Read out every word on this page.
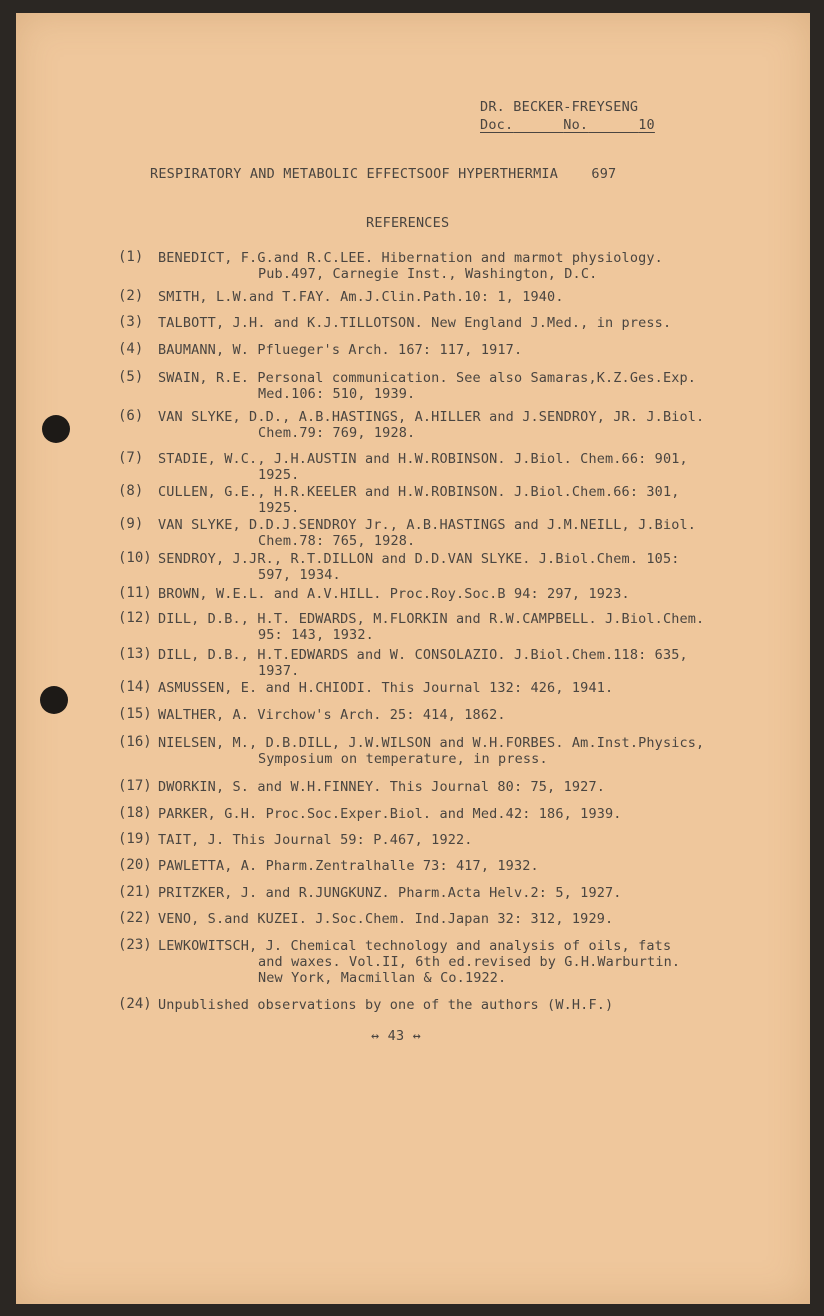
DR. BECKER-FREYSENG
Doc.	No.	10
RESPIRATORY AND METABOLIC EFFECTSOOF HYPERTHERMIA 697
REFERENCES
(1) BENEDICT, F.G.and R.C.LEE. Hibernation and marmot physiology.
Pub.497, Carnegie Inst., Washington, D.C.
(2) SMITH, L.W.and T.FAY. Am.J.Clin.Path.10: 1, 1940.
(3) TALBOTT, J.H. and K.J.TILLOTSON. New England J.Med., in press.
(4) BAUMANN, W. Pflueger's Arch. 167: 117, 1917.
(5) SWAIN, R.E. Personal communication. See also Samaras,K.Z.Ges.Exp.
Med.106: 510, 1939.
(6) VAN SLYKE, D.D., A.B.HASTINGS, A.HILLER and J.SENDROY, JR. J.Biol.
Chem.79: 769, 1928.
(7) STADIE, W.C., J.H.AUSTIN and H.W.ROBINSON. J.Biol. Chem.66: 901,
1925.
(8) CULLEN, G.E., H.R.KEELER and H.W.ROBINSON. J.Biol.Chem.66: 301,
1925.
(9) VAN SLYKE, D.D.J.SENDROY Jr., A.B.HASTINGS and J.M.NEILL, J.Biol.
Chem.78: 765, 1928.
(10) SENDROY, J.JR., R.T.DILLON and D.D.VAN SLYKE. J.Biol.Chem. 105:
597, 1934.
(11) BROWN, W.E.L. and A.V.HILL. Proc.Roy.Soc.B 94: 297, 1923.
(12) DILL, D.B., H.T. EDWARDS, M.FLORKIN and R.W.CAMPBELL. J.Biol.Chem.
95: 143, 1932.
(13) DILL, D.B., H.T.EDWARDS and W. CONSOLAZIO. J.Biol.Chem.118: 635,
1937.
(14) ASMUSSEN, E. and H.CHIODI. This Journal 132: 426, 1941.
(15) WALTHER, A. Virchow's Arch. 25: 414, 1862.
(16) NIELSEN, M., D.B.DILL, J.W.WILSON and W.H.FORBES. Am.Inst.Physics,
Symposium on temperature, in press.
(17) DWORKIN, S. and W.H.FINNEY. This Journal 80: 75, 1927.
(18) PARKER, G.H. Proc.Soc.Exper.Biol. and Med.42: 186, 1939.
(19) TAIT, J. This Journal 59: P.467, 1922.
(20) PAWLETTA, A. Pharm.Zentralhalle 73: 417, 1932.
(21) PRITZKER, J. and R.JUNGKUNZ. Pharm.Acta Helv.2: 5, 1927.
(22) VENO, S.and KUZEI. J.Soc.Chem. Ind.Japan 32: 312, 1929.
(23) LEWKOWITSCH, J. Chemical technology and analysis of oils, fats
and waxes. Vol.II, 6th ed.revised by G.H.Warburtin.
New York, Macmillan & Co.1922.
(24) Unpublished observations by one of the authors (W.H.F.)
↔ 43 ↔
